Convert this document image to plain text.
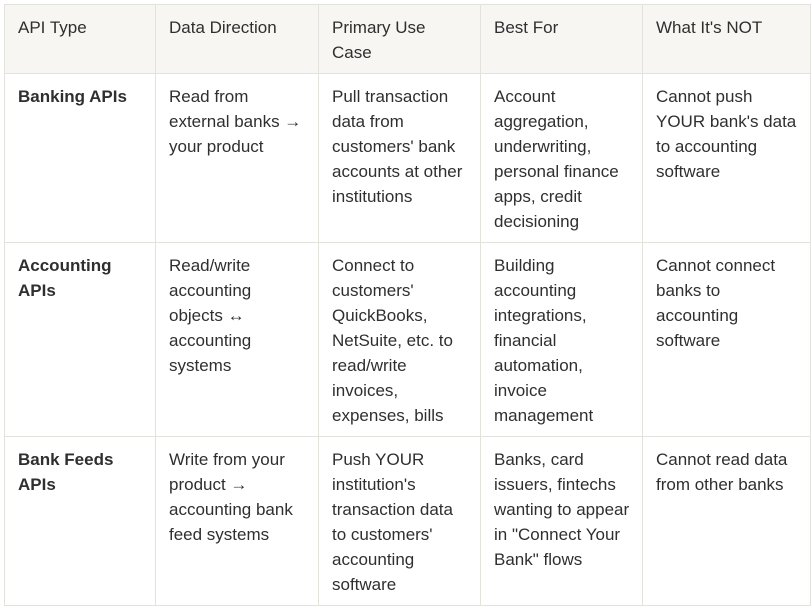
API Type	Data Direction	Primary Use Case	Best For	What It's NOT
Banking APIs	Read from external banks → your product	Pull transaction data from customers' bank accounts at other institutions	Account aggregation, underwriting, personal finance apps, credit decisioning	Cannot push YOUR bank's data to accounting software
Accounting APIs	Read/write accounting objects ↔ accounting systems	Connect to customers' QuickBooks, NetSuite, etc. to read/write invoices, expenses, bills	Building accounting integrations, financial automation, invoice management	Cannot connect banks to accounting software
Bank Feeds APIs	Write from your product → accounting bank feed systems	Push YOUR institution's transaction data to customers' accounting software	Banks, card issuers, fintechs wanting to appear in "Connect Your Bank" flows	Cannot read data from other banks
